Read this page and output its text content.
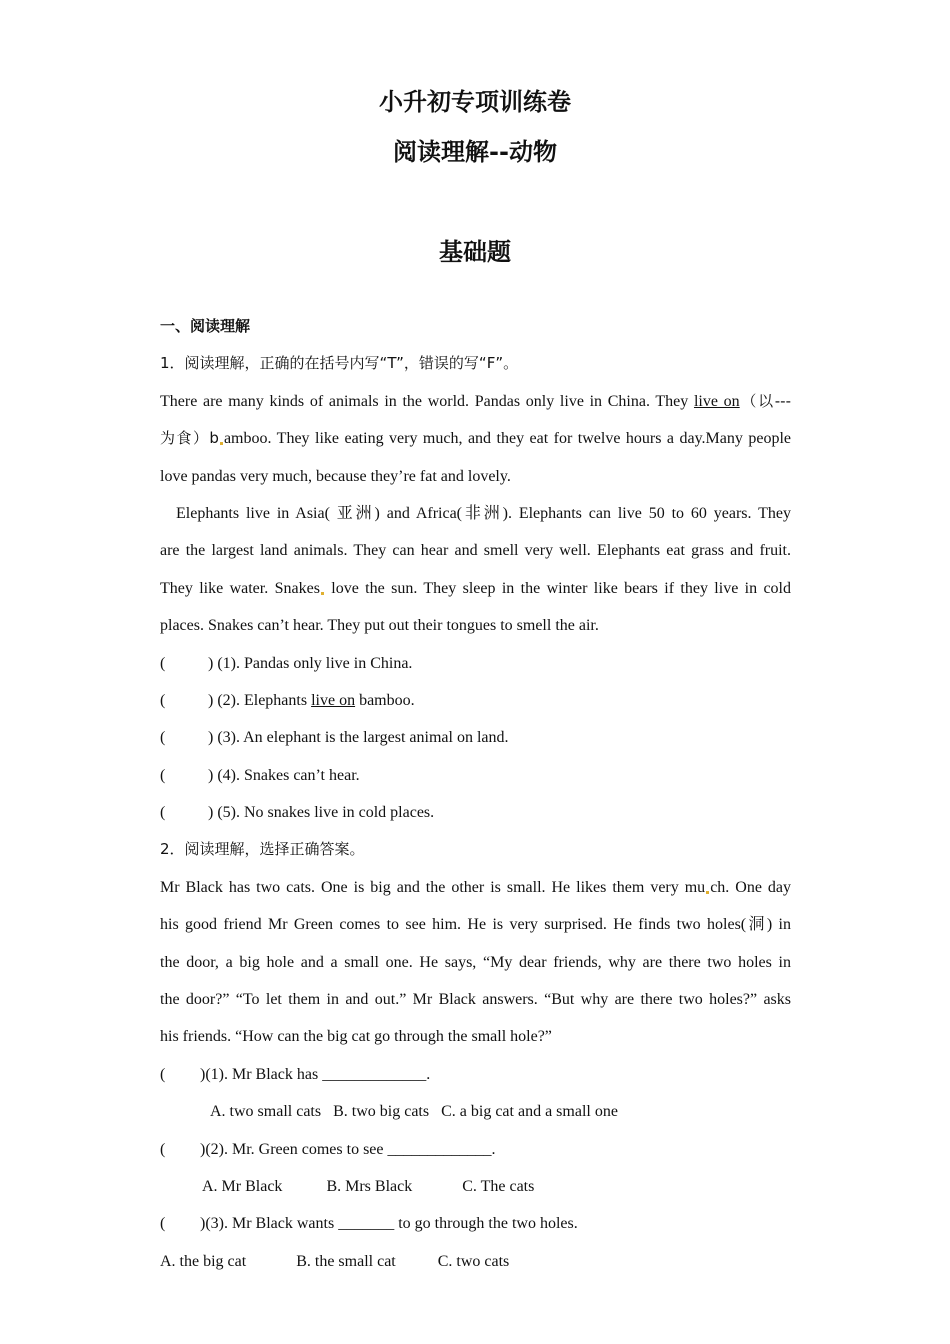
小升初专项训练卷
阅读理解--动物
基础题
一、阅读理解
1．阅读理解，正确的在括号内写“T”，错误的写“F”。
There are many kinds of animals in the world. Pandas only live in China. They live on（以---
为食）b amboo. They like eating very much, and they eat for twelve hours a day.Many people
love pandas very much, because they’re fat and lovely.
Elephants live in Asia( 亚洲) and Africa(非洲). Elephants can live 50 to 60 years. They
are the largest land animals. They can hear and smell very well. Elephants eat grass and fruit.
They like water. Snakes love the sun. They sleep in the winter like bears if they live in cold
places. Snakes can’t hear. They put out their tongues to smell the air.
(	) (1). Pandas only live in China.
(	) (2). Elephants live on bamboo.
(	) (3). An elephant is the largest animal on land.
(	) (4). Snakes can’t hear.
(	) (5). No snakes live in cold places.
2．阅读理解，选择正确答案。
Mr Black has two cats. One is big and the other is small. He likes them very mu ch. One day
his good friend Mr Green comes to see him. He is very surprised. He finds two holes(洞) in
the door, a big hole and a small one. He says, “My dear friends, why are there two holes in
the door?” “To let them in and out.” Mr Black answers. “But why are there two holes?” asks
his friends. “How can the big cat go through the small hole?”
( )(1). Mr Black has _____________.
A. two small cats B. two big cats C. a big cat and a small one
( )(2). Mr. Green comes to see _____________.
A. Mr Black	B. Mrs Black	C. The cats
( )(3). Mr Black wants _______ to go through the two holes.
A. the big cat	B. the small cat	C. two cats
